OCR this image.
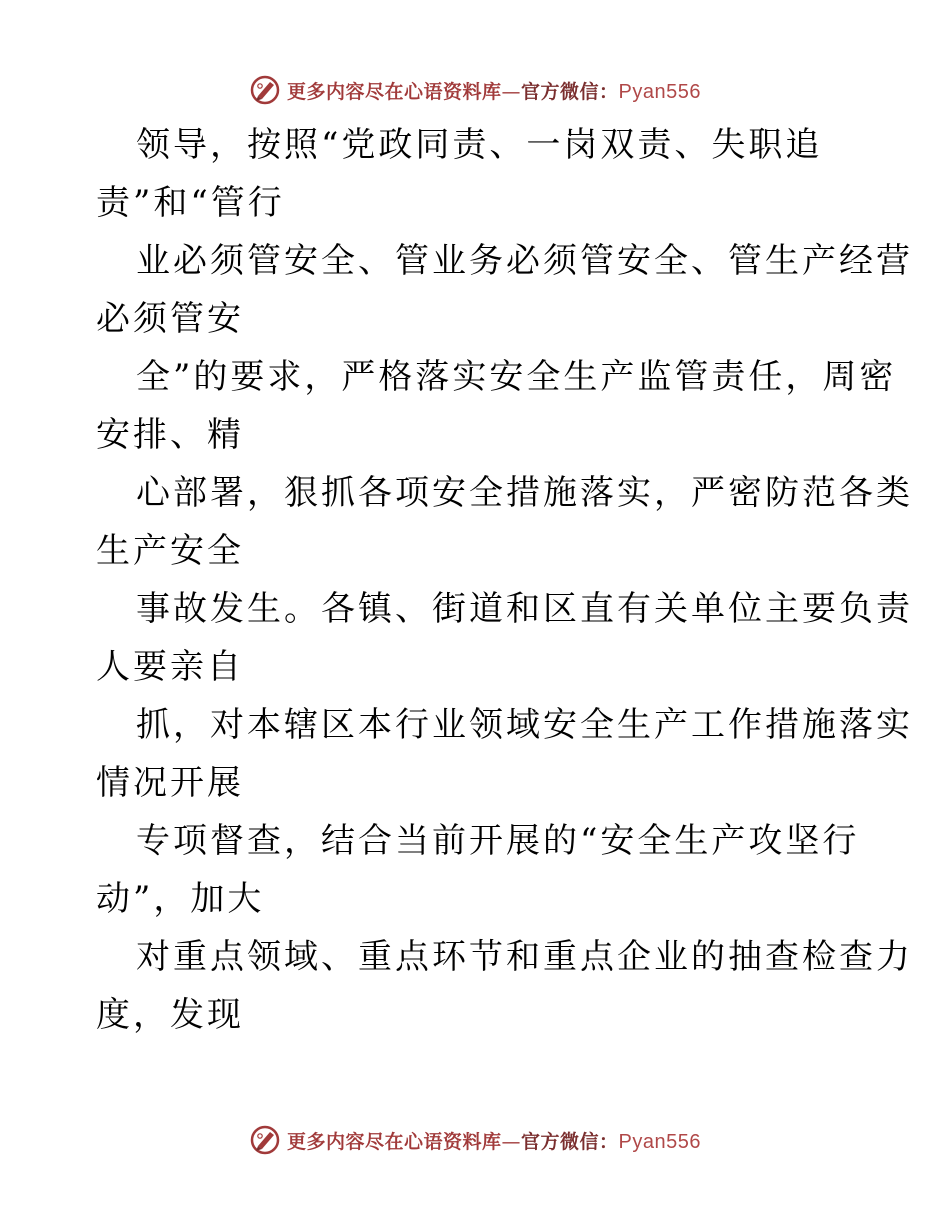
更多内容尽在心语资料库—官方微信：Pyan556

领导，按照“党政同责、一岗双责、失职追

责”和“管行

业必须管安全、管业务必须管安全、管生产经营

必须管安

全”的要求，严格落实安全生产监管责任，周密

安排、精

心部署，狠抓各项安全措施落实，严密防范各类

生产安全

事故发生。各镇、街道和区直有关单位主要负责

人要亲自

抓，对本辖区本行业领域安全生产工作措施落实

情况开展

专项督查，结合当前开展的“安全生产攻坚行

动”，加大

对重点领域、重点环节和重点企业的抽查检查力

度，发现

更多内容尽在心语资料库—官方微信：Pyan556
